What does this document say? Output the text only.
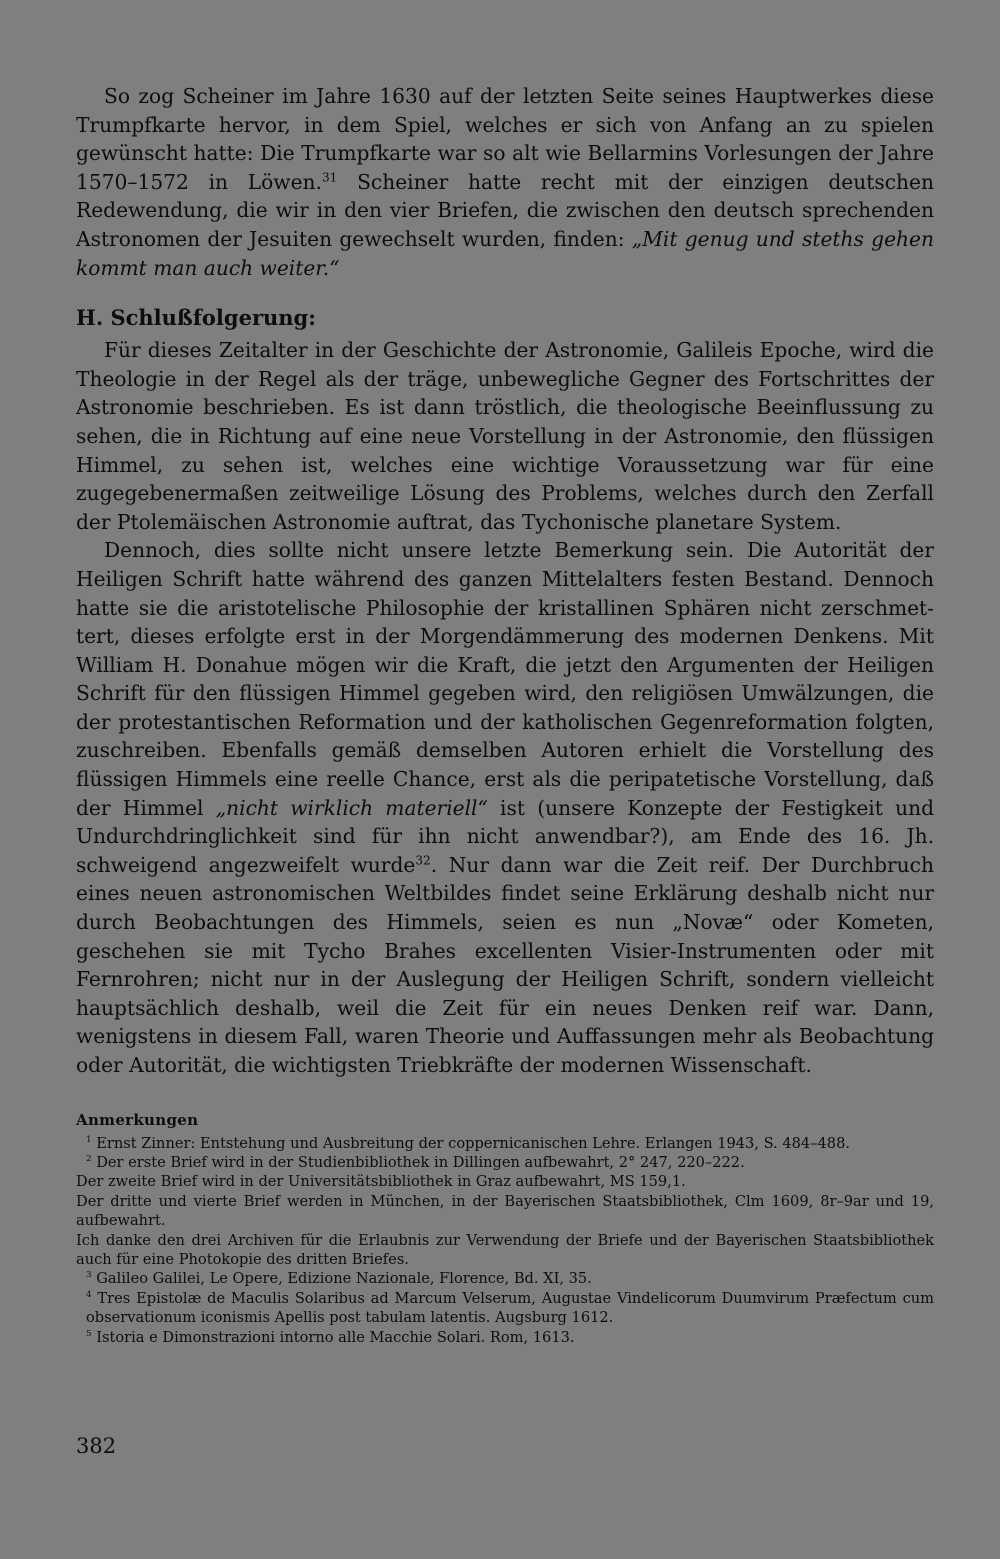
So zog Scheiner im Jahre 1630 auf der letzten Seite seines Hauptwerkes diese Trumpfkarte hervor, in dem Spiel, welches er sich von Anfang an zu spielen gewünscht hatte: Die Trumpfkarte war so alt wie Bellarmins Vorlesungen der Jahre 1570–1572 in Löwen.$^{31}$ Scheiner hatte recht mit der einzigen deutschen Redewendung, die wir in den vier Briefen, die zwischen den deutsch sprechenden Astronomen der Jesuiten gewechselt wurden, finden: „Mit genug und steths gehen kommt man auch weiter.“

H. Schlußfolgerung:

Für dieses Zeitalter in der Geschichte der Astronomie, Galileis Epoche, wird die Theologie in der Regel als der träge, unbewegliche Gegner des Fortschrittes der Astronomie beschrieben. Es ist dann tröstlich, die theologische Beeinflussung zu sehen, die in Richtung auf eine neue Vorstellung in der Astronomie, den flüssigen Himmel, zu sehen ist, welches eine wichtige Voraussetzung war für eine zugegebenermaßen zeitweilige Lösung des Problems, welches durch den Zerfall der Ptolemäischen Astronomie auftrat, das Tychonische planetare System.

Dennoch, dies sollte nicht unsere letzte Bemerkung sein. Die Autorität der Heiligen Schrift hatte während des ganzen Mittelalters festen Bestand. Dennoch hatte sie die aristotelische Philosophie der kristallinen Sphären nicht zerschmettert, dieses erfolgte erst in der Morgendämmerung des modernen Denkens. Mit William H. Donahue mögen wir die Kraft, die jetzt den Argumenten der Heiligen Schrift für den flüssigen Himmel gegeben wird, den religiösen Umwälzungen, die der protestantischen Reformation und der katholischen Gegenreformation folgten, zuschreiben. Ebenfalls gemäß demselben Autoren erhielt die Vorstellung des flüssigen Himmels eine reelle Chance, erst als die peripatetische Vorstellung, daß der Himmel „nicht wirklich materiell“ ist (unsere Konzepte der Festigkeit und Undurchdringlichkeit sind für ihn nicht anwendbar?), am Ende des 16. Jh. schweigend angezweifelt wurde$^{32}$. Nur dann war die Zeit reif. Der Durchbruch eines neuen astronomischen Weltbildes findet seine Erklärung deshalb nicht nur durch Beobachtungen des Himmels, seien es nun „Novæ“ oder Kometen, geschehen sie mit Tycho Brahes excellenten Visier-Instrumenten oder mit Fernrohren; nicht nur in der Auslegung der Heiligen Schrift, sondern vielleicht hauptsächlich deshalb, weil die Zeit für ein neues Denken reif war. Dann, wenigstens in diesem Fall, waren Theorie und Auffassungen mehr als Beobachtung oder Autorität, die wichtigsten Triebkräfte der modernen Wissenschaft.

Anmerkungen

$^1$ Ernst Zinner: Entstehung und Ausbreitung der coppernicanischen Lehre. Erlangen 1943, S. 484–488.

$^2$ Der erste Brief wird in der Studienbibliothek in Dillingen aufbewahrt, 2° 247, 220–222.

Der zweite Brief wird in der Universitätsbibliothek in Graz aufbewahrt, MS 159,1.

Der dritte und vierte Brief werden in München, in der Bayerischen Staatsbibliothek, Clm 1609, 8r–9ar und 19, aufbewahrt.

Ich danke den drei Archiven für die Erlaubnis zur Verwendung der Briefe und der Bayerischen Staatsbibliothek auch für eine Photokopie des dritten Briefes.

$^3$ Galileo Galilei, Le Opere, Edizione Nazionale, Florence, Bd. XI, 35.

$^4$ Tres Epistolæ de Maculis Solaribus ad Marcum Velserum, Augustae Vindelicorum Duumvirum Præfectum cum observationum iconismis Apellis post tabulam latentis. Augsburg 1612.

$^5$ Istoria e Dimonstrazioni intorno alle Macchie Solari. Rom, 1613.

382
